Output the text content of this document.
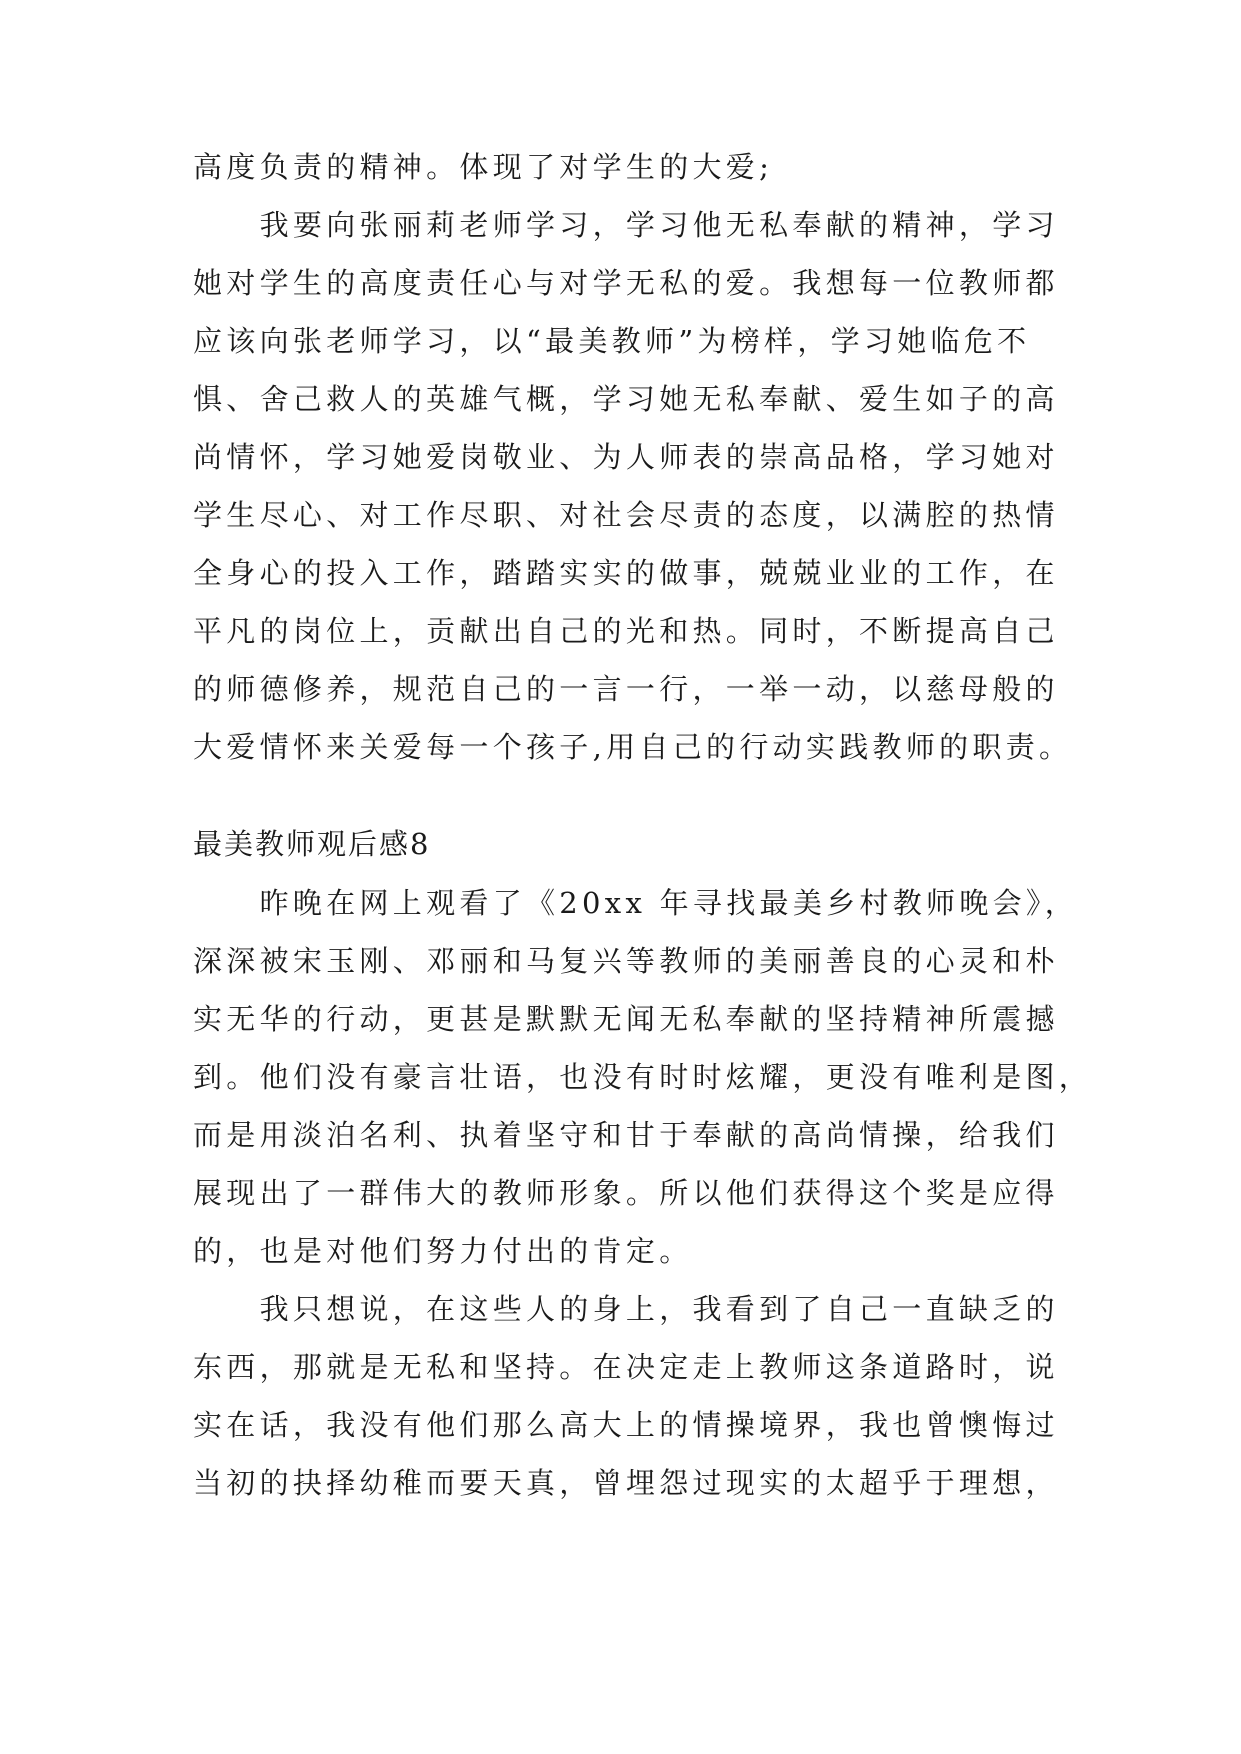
高度负责的精神。体现了对学生的大爱;
　　我要向张丽莉老师学习，学习他无私奉献的精神，学习
她对学生的高度责任心与对学无私的爱。我想每一位教师都
应该向张老师学习，以“最美教师”为榜样，学习她临危不
惧、舍己救人的英雄气概，学习她无私奉献、爱生如子的高
尚情怀，学习她爱岗敬业、为人师表的崇高品格，学习她对
学生尽心、对工作尽职、对社会尽责的态度，以满腔的热情
全身心的投入工作，踏踏实实的做事，兢兢业业的工作，在
平凡的岗位上，贡献出自己的光和热。同时，不断提高自己
的师德修养，规范自己的一言一行，一举一动，以慈母般的
大爱情怀来关爱每一个孩子,用自己的行动实践教师的职责。
最美教师观后感8
　　昨晚在网上观看了《20xx 年寻找最美乡村教师晚会》，
深深被宋玉刚、邓丽和马复兴等教师的美丽善良的心灵和朴
实无华的行动，更甚是默默无闻无私奉献的坚持精神所震撼
到。他们没有豪言壮语，也没有时时炫耀，更没有唯利是图，
而是用淡泊名利、执着坚守和甘于奉献的高尚情操，给我们
展现出了一群伟大的教师形象。所以他们获得这个奖是应得
的，也是对他们努力付出的肯定。
　　我只想说，在这些人的身上，我看到了自己一直缺乏的
东西，那就是无私和坚持。在决定走上教师这条道路时，说
实在话，我没有他们那么高大上的情操境界，我也曾懊悔过
当初的抉择幼稚而要天真，曾埋怨过现实的太超乎于理想，
